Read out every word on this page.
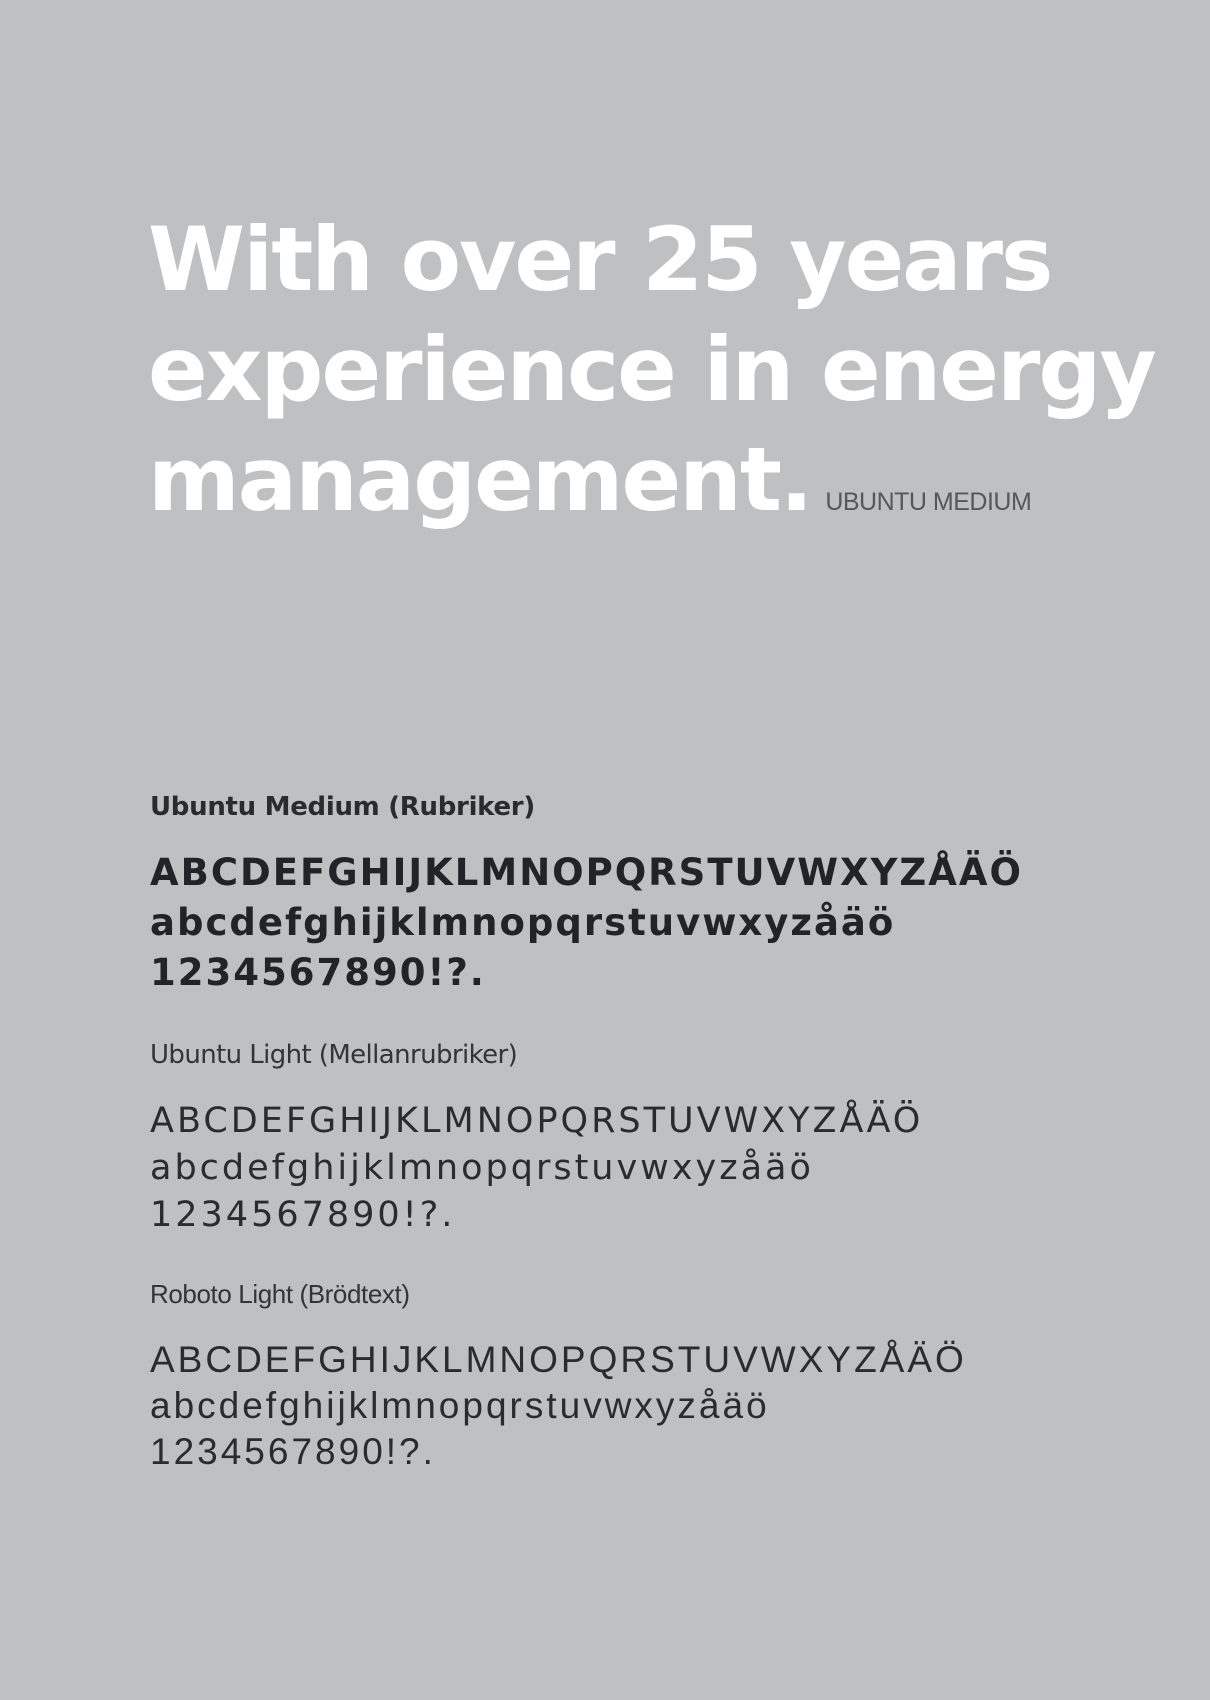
With over 25 years
experience in energy
management. UBUNTU MEDIUM

Ubuntu Medium (Rubriker)

ABCDEFGHIJKLMNOPQRSTUVWXYZÅÄÖ
abcdefghijklmnopqrstuvwxyzåäö
1234567890!?.

Ubuntu Light (Mellanrubriker)

ABCDEFGHIJKLMNOPQRSTUVWXYZÅÄÖ
abcdefghijklmnopqrstuvwxyzåäö
1234567890!?.

Roboto Light (Brödtext)

ABCDEFGHIJKLMNOPQRSTUVWXYZÅÄÖ
abcdefghijklmnopqrstuvwxyzåäö
1234567890!?.
